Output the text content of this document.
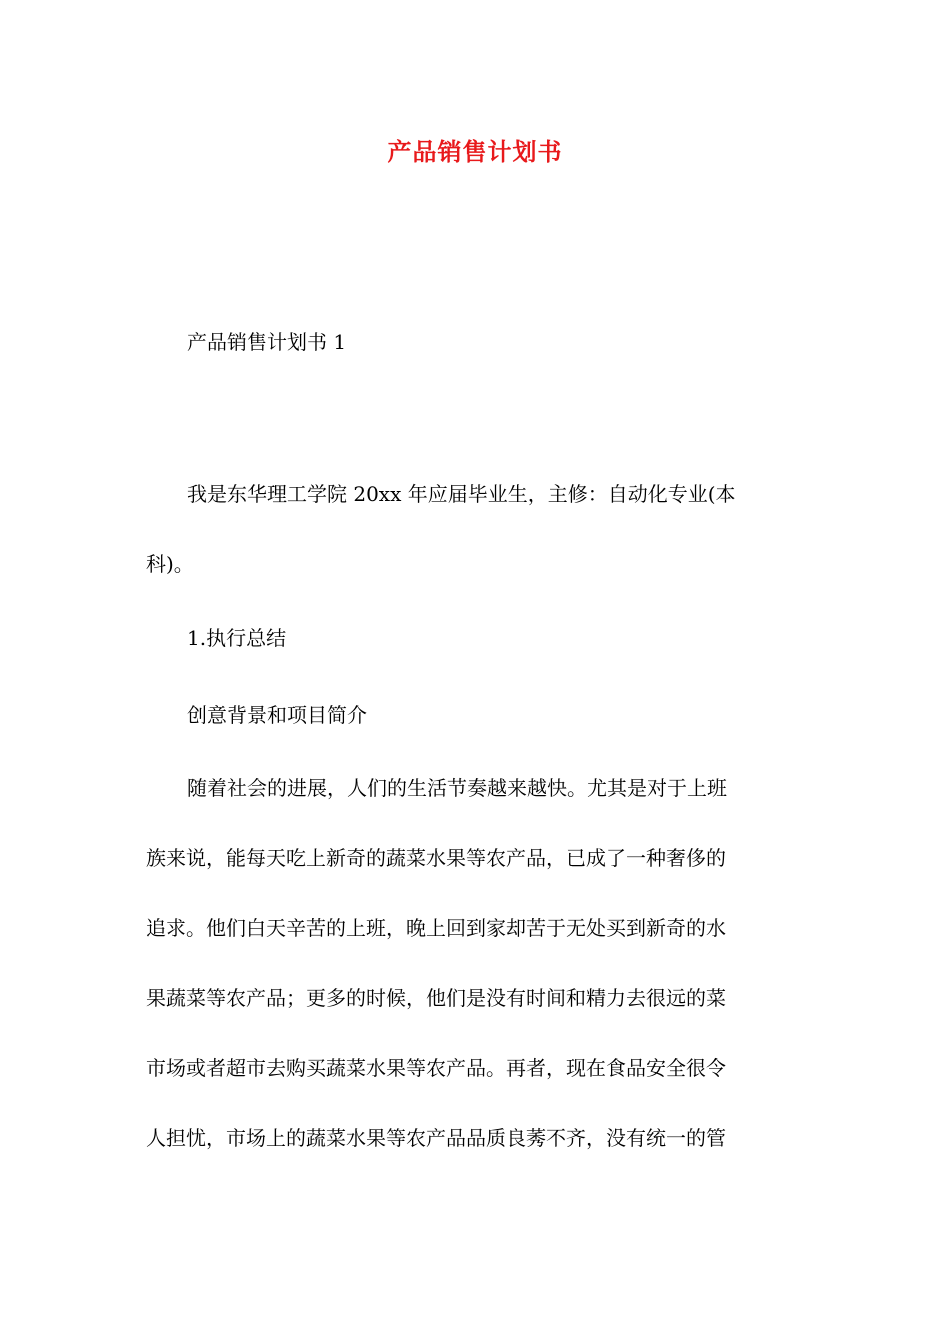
产品销售计划书
产品销售计划书 1
我是东华理工学院 20xx 年应届毕业生，主修：自动化专业(本
科)。
1.执行总结
创意背景和项目简介
随着社会的进展，人们的生活节奏越来越快。尤其是对于上班
族来说，能每天吃上新奇的蔬菜水果等农产品，已成了一种奢侈的
追求。他们白天辛苦的上班，晚上回到家却苦于无处买到新奇的水
果蔬菜等农产品；更多的时候，他们是没有时间和精力去很远的菜
市场或者超市去购买蔬菜水果等农产品。再者，现在食品安全很令
人担忧，市场上的蔬菜水果等农产品品质良莠不齐，没有统一的管
